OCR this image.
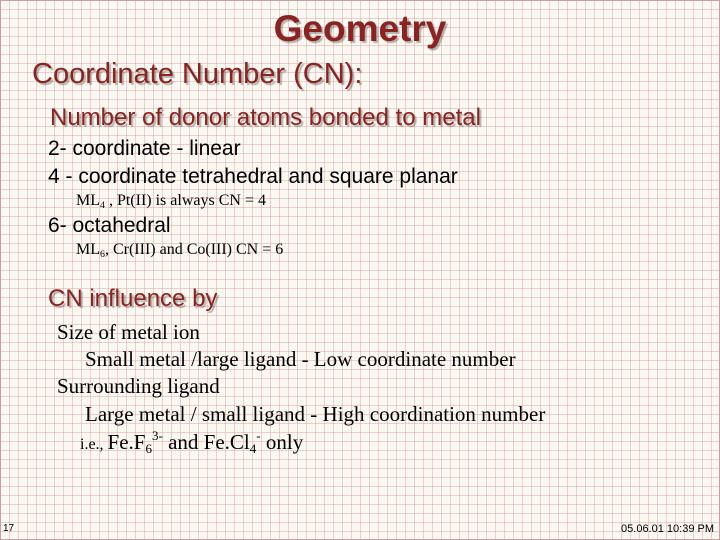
Geometry
Coordinate Number (CN):
Number of donor atoms bonded to metal
2- coordinate - linear
4 - coordinate tetrahedral and square planar
$ML_4$ , Pt(II) is always CN = 4
6- octahedral
$ML_6$, Cr(III) and Co(III) CN = 6
CN influence by
Size of metal ion
Small metal /large ligand - Low coordinate number
Surrounding ligand
Large metal / small ligand - High coordination number
i.e., $Fe.F_6^{3-}$ and $Fe.Cl_4^-$ only
17	05.06.01 10:39 PM
